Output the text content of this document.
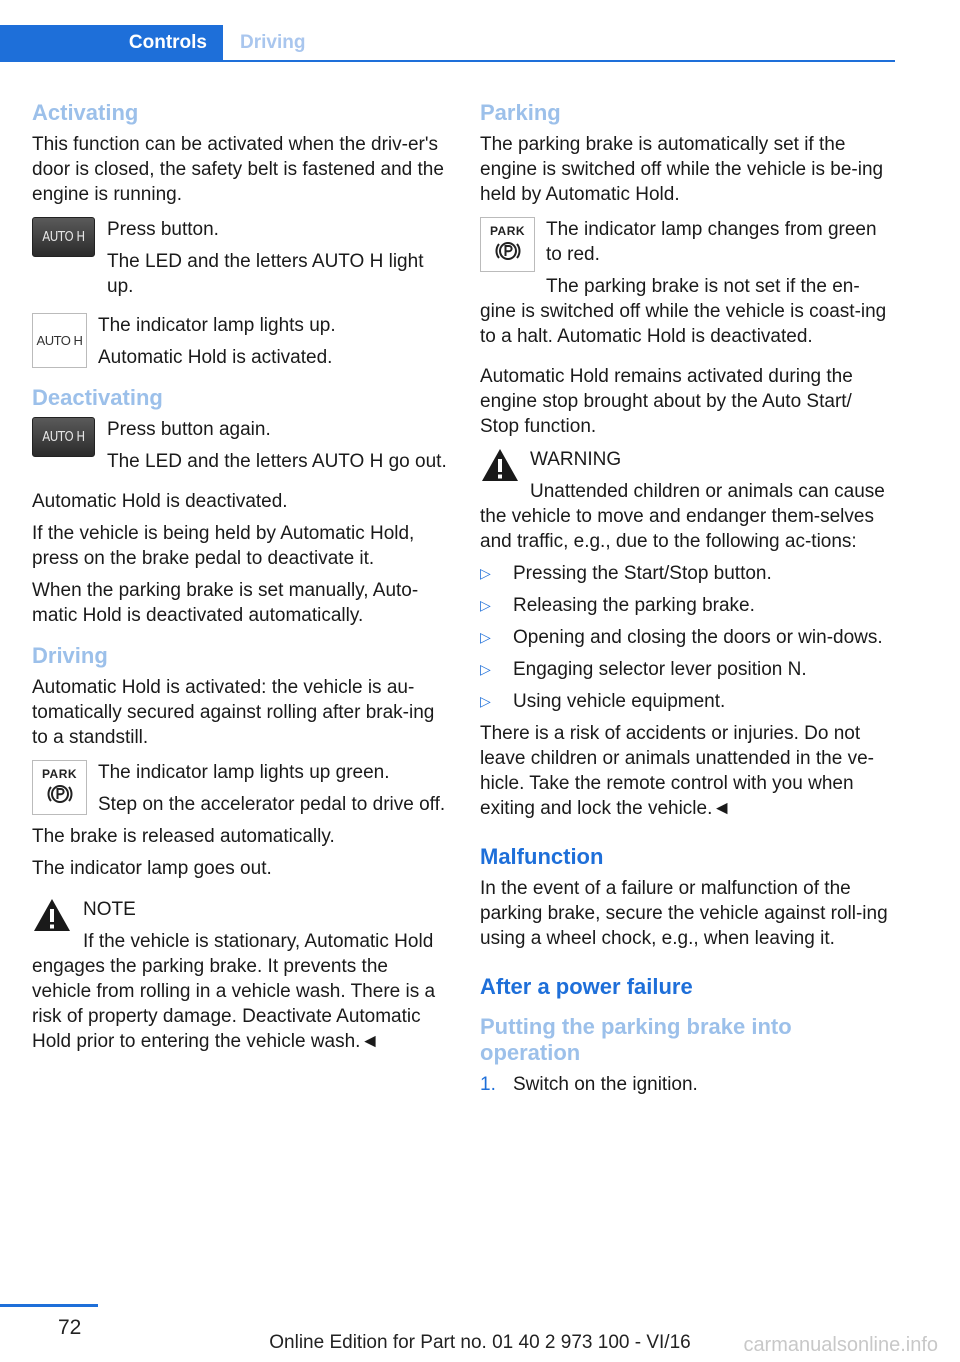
Controls	Driving
Activating

This function can be activated when the driv-er's door is closed, the safety belt is fastened and the engine is running.

AUTO H	Press button.

The LED and the letters AUTO H light up.

AUTO H

The indicator lamp lights up.

Automatic Hold is activated.

Deactivating
AUTO H	Press button again.

The LED and the letters AUTO H go out.

Automatic Hold is deactivated.

If the vehicle is being held by Automatic Hold, press on the brake pedal to deactivate it.

When the parking brake is set manually, Auto-matic Hold is deactivated automatically.

Driving

Automatic Hold is activated: the vehicle is au-tomatically secured against rolling after brak-ing to a standstill.

PARK The indicator lamp lights up green.

Step on the accelerator pedal to drive off.

The brake is released automatically.

The indicator lamp goes out.

NOTE

If the vehicle is stationary, Automatic Hold engages the parking brake. It prevents the vehicle from rolling in a vehicle wash. There is a risk of property damage. Deactivate Automatic Hold prior to entering the vehicle wash.◄

Parking

The parking brake is automatically set if the engine is switched off while the vehicle is be-ing held by Automatic Hold.

PARK The indicator lamp changes from green to red.

The parking brake is not set if the en-gine is switched off while the vehicle is coast-ing to a halt. Automatic Hold is deactivated.

Automatic Hold remains activated during the engine stop brought about by the Auto Start/ Stop function.

WARNING

Unattended children or animals can cause the vehicle to move and endanger them-selves and traffic, e.g., due to the following ac-tions:

▷ Pressing the Start/Stop button.
▷ Releasing the parking brake.
▷ Opening and closing the doors or win-dows.
▷ Engaging selector lever position N.
▷ Using vehicle equipment.

There is a risk of accidents or injuries. Do not leave children or animals unattended in the ve-hicle. Take the remote control with you when exiting and lock the vehicle.◄

Malfunction

In the event of a failure or malfunction of the parking brake, secure the vehicle against roll-ing using a wheel chock, e.g., when leaving it.

After a power failure
Putting the parking brake into operation
1. Switch on the ignition.
72
Online Edition for Part no. 01 40 2 973 100 - VI/16	carmanualsonline.info
